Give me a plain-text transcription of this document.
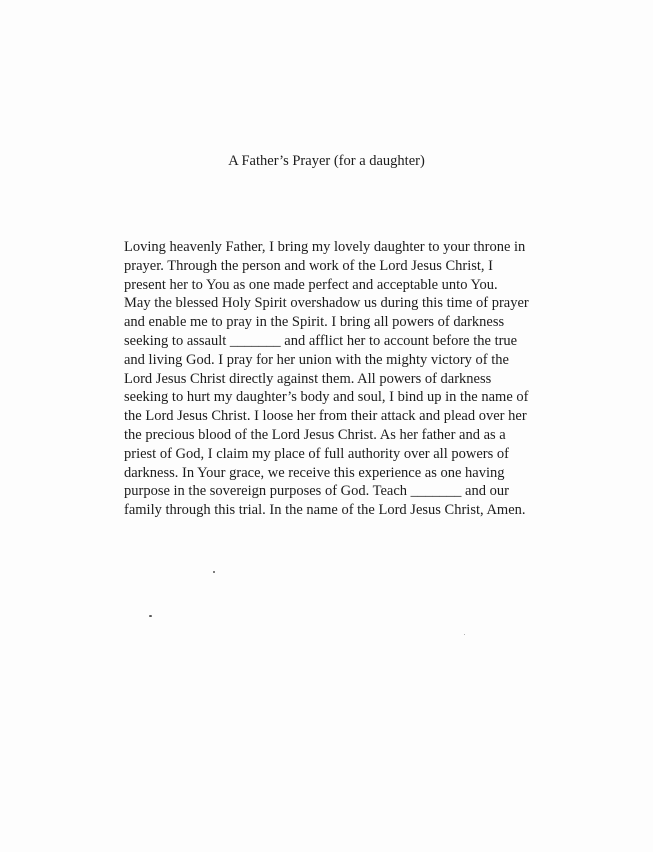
A Father’s Prayer (for a daughter)
Loving heavenly Father, I bring my lovely daughter to your throne in
prayer. Through the person and work of the Lord Jesus Christ, I
present her to You as one made perfect and acceptable unto You.
May the blessed Holy Spirit overshadow us during this time of prayer
and enable me to pray in the Spirit. I bring all powers of darkness
seeking to assault _______ and afflict her to account before the true
and living God. I pray for her union with the mighty victory of the
Lord Jesus Christ directly against them. All powers of darkness
seeking to hurt my daughter’s body and soul, I bind up in the name of
the Lord Jesus Christ. I loose her from their attack and plead over her
the precious blood of the Lord Jesus Christ. As her father and as a
priest of God, I claim my place of full authority over all powers of
darkness. In Your grace, we receive this experience as one having
purpose in the sovereign purposes of God. Teach _______ and our
family through this trial. In the name of the Lord Jesus Christ, Amen.
